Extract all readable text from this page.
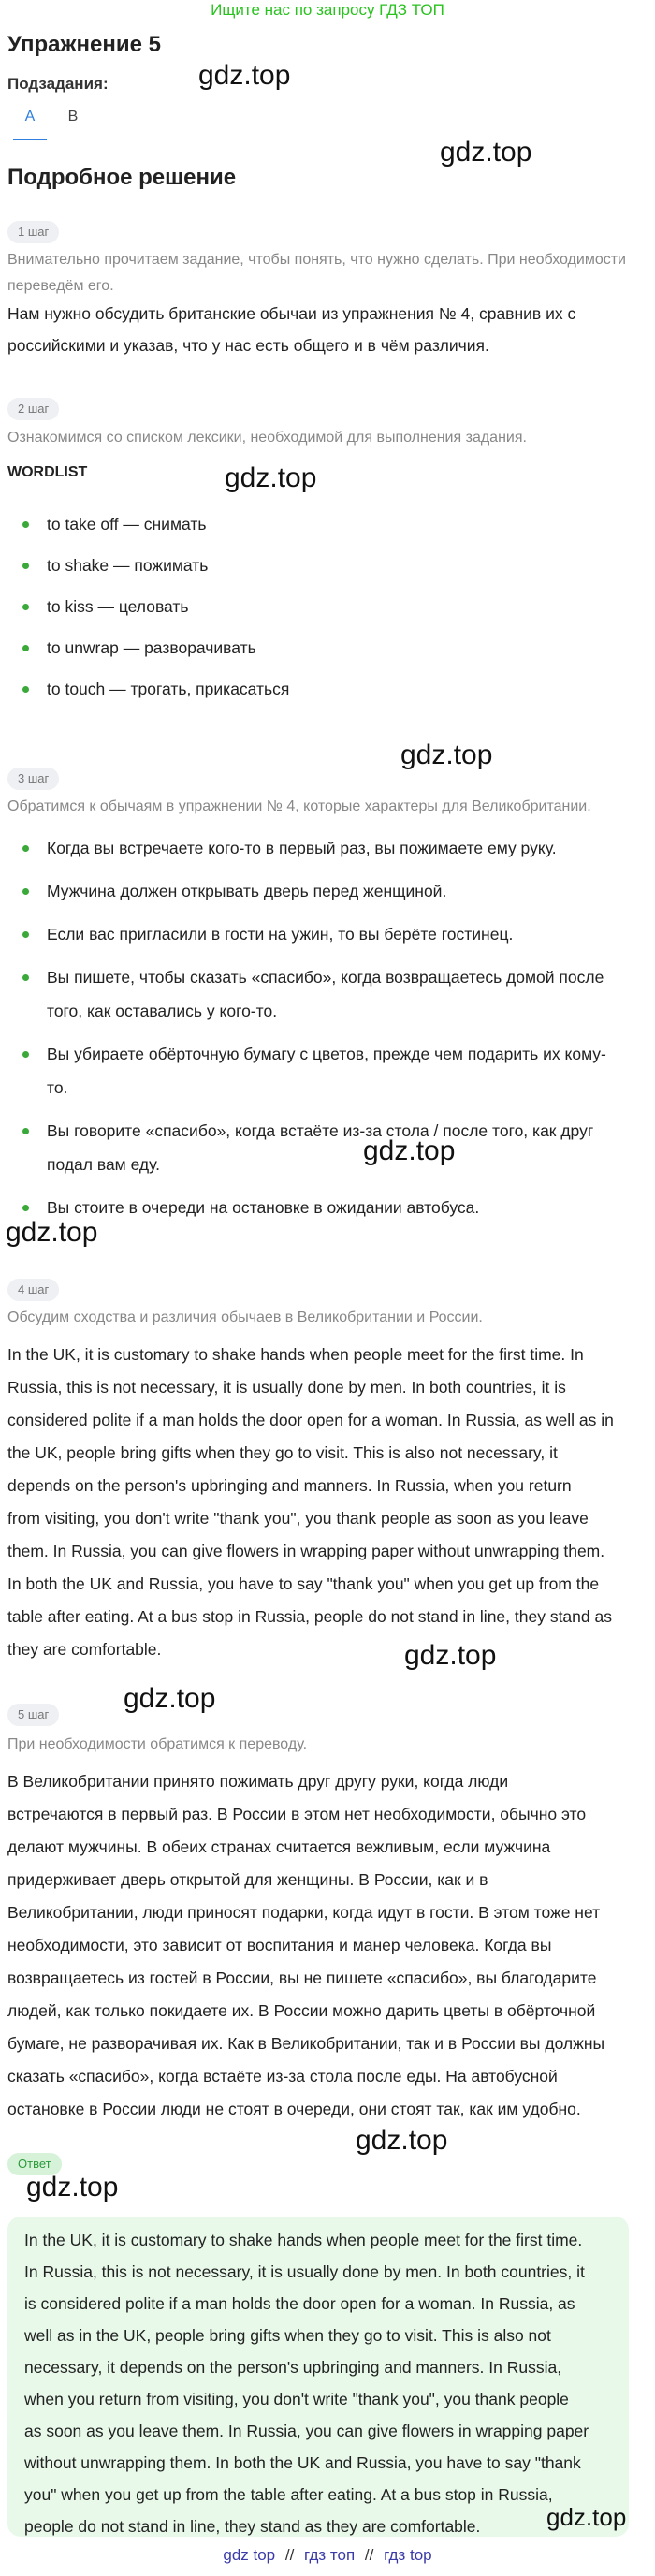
Ищите нас по запросу ГДЗ ТОП
Упражнение 5
Подзадания:
A	B
Подробное решение
1 шаг
Внимательно прочитаем задание, чтобы понять, что нужно сделать. При необходимости
переведём его.
Нам нужно обсудить британские обычаи из упражнения № 4, сравнив их с
российскими и указав, что у нас есть общего и в чём различия.
2 шаг
Ознакомимся со списком лексики, необходимой для выполнения задания.
WORDLIST
to take off — снимать
to shake — пожимать
to kiss — целовать
to unwrap — разворачивать
to touch — трогать, прикасаться
3 шаг
Обратимся к обычаям в упражнении № 4, которые характеры для Великобритании.
Когда вы встречаете кого-то в первый раз, вы пожимаете ему руку.
Мужчина должен открывать дверь перед женщиной.
Если вас пригласили в гости на ужин, то вы берёте гостинец.
Вы пишете, чтобы сказать «спасибо», когда возвращаетесь домой после
того, как оставались у кого-то.
Вы убираете обёрточную бумагу с цветов, прежде чем подарить их кому-
то.
Вы говорите «спасибо», когда встаёте из-за стола / после того, как друг
подал вам еду.
Вы стоите в очереди на остановке в ожидании автобуса.
4 шаг
Обсудим сходства и различия обычаев в Великобритании и России.
In the UK, it is customary to shake hands when people meet for the first time. In
Russia, this is not necessary, it is usually done by men. In both countries, it is
considered polite if a man holds the door open for a woman. In Russia, as well as in
the UK, people bring gifts when they go to visit. This is also not necessary, it
depends on the person's upbringing and manners. In Russia, when you return
from visiting, you don't write "thank you", you thank people as soon as you leave
them. In Russia, you can give flowers in wrapping paper without unwrapping them.
In both the UK and Russia, you have to say "thank you" when you get up from the
table after eating. At a bus stop in Russia, people do not stand in line, they stand as
they are comfortable.
5 шаг
При необходимости обратимся к переводу.
В Великобритании принято пожимать друг другу руки, когда люди
встречаются в первый раз. В России в этом нет необходимости, обычно это
делают мужчины. В обеих странах считается вежливым, если мужчина
придерживает дверь открытой для женщины. В России, как и в
Великобритании, люди приносят подарки, когда идут в гости. В этом тоже нет
необходимости, это зависит от воспитания и манер человека. Когда вы
возвращаетесь из гостей в России, вы не пишете «спасибо», вы благодарите
людей, как только покидаете их. В России можно дарить цветы в обёрточной
бумаге, не разворачивая их. Как в Великобритании, так и в России вы должны
сказать «спасибо», когда встаёте из-за стола после еды. На автобусной
остановке в России люди не стоят в очереди, они стоят так, как им удобно.
Ответ
In the UK, it is customary to shake hands when people meet for the first time.
In Russia, this is not necessary, it is usually done by men. In both countries, it
is considered polite if a man holds the door open for a woman. In Russia, as
well as in the UK, people bring gifts when they go to visit. This is also not
necessary, it depends on the person's upbringing and manners. In Russia,
when you return from visiting, you don't write "thank you", you thank people
as soon as you leave them. In Russia, you can give flowers in wrapping paper
without unwrapping them. In both the UK and Russia, you have to say "thank
you" when you get up from the table after eating. At a bus stop in Russia,
people do not stand in line, they stand as they are comfortable.
gdz.top
gdz.top
gdz.top
gdz.top
gdz.top
gdz.top
gdz.top
gdz.top
gdz.top
gdz.top
gdz.top
gdz top // гдз топ // гдз top
